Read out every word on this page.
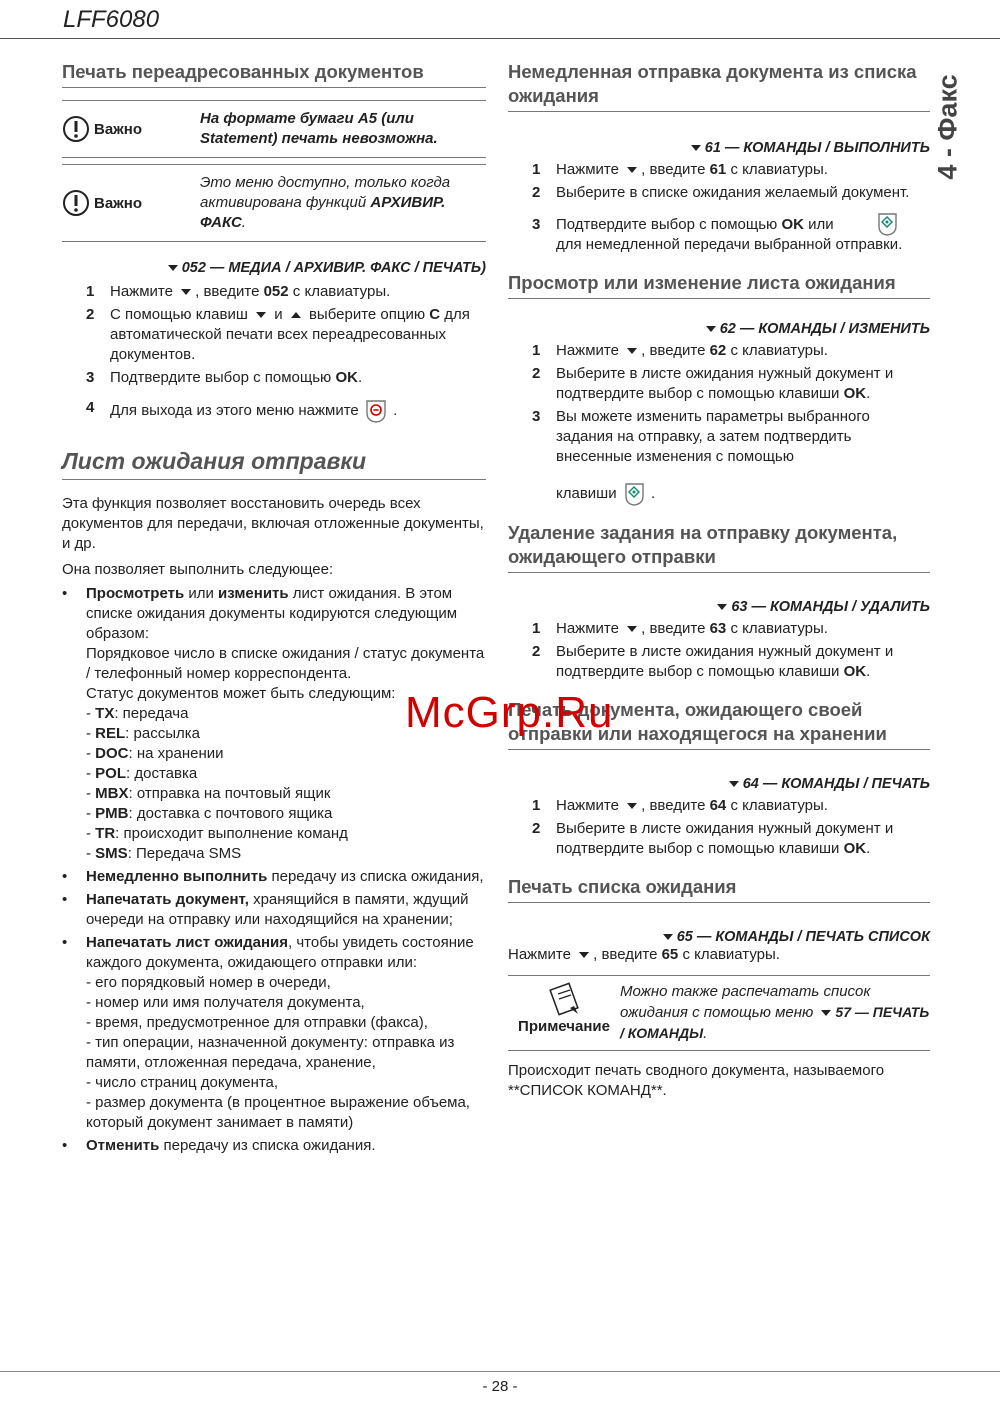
LFF6080
4 - Факс
Печать переадресованных документов
Важно
На формате бумаги A5 (или Statement) печать невозможна.
Важно
Это меню доступно, только когда активирована функций АРХИВИР. ФАКС.
052 — МЕДИА / АРХИВИР. ФАКС / ПЕЧАТЬ)
1	Нажмите , введите 052 с клавиатуры.
2	С помощью клавиш  и  выберите опцию C для автоматической печати всех переадресованных документов.
3	Подтвердите выбор с помощью OK.
4	Для выхода из этого меню нажмите  .
Лист ожидания отправки

Эта функция позволяет восстановить очередь всех документов для передачи, включая отложенные документы, и др.

Она позволяет выполнить следующее:

•	Просмотреть или изменить лист ожидания. В этом списке ожидания документы кодируются следующим образом:
Порядковое число в списке ожидания / статус документа / телефонный номер корреспондента.
Статус документов может быть следующим:

- TX: передача
- REL: рассылка
- DOC: на хранении
- POL: доставка
- MBX: отправка на почтовый ящик
- PMB: доставка с почтового ящика
- TR: происходит выполнение команд
- SMS: Передача SMS
•	Немедленно выполнить передачу из списка ожидания,
•	Напечатать документ, хранящийся в памяти, ждущий очереди на отправку или находящийся на хранении;
•	Напечатать лист ожидания, чтобы увидеть состояние каждого документа, ожидающего отправки или:
- его порядковый номер в очереди,
- номер или имя получателя документа,
- время, предусмотренное для отправки (факса),
- тип операции, назначенной документу: отправка из памяти, отложенная передача, хранение,
- число страниц документа,
- размер документа (в процентное выражение объема, который документ занимает в памяти)
•	Отменить передачу из списка ожидания.
Немедленная отправка документа из списка ожидания
61 — КОМАНДЫ / ВЫПОЛНИТЬ
1	Нажмите , введите 61 с клавиатуры.
2	Выберите в списке ожидания желаемый документ.
3	Подтвердите выбор с помощью OK или

для немедленной передачи выбранной отправки.
Просмотр или изменение листа ожидания
62 — КОМАНДЫ / ИЗМЕНИТЬ
1	Нажмите , введите 62 с клавиатуры.
2	Выберите в листе ожидания нужный документ и подтвердите выбор с помощью клавиши OK.
3	Вы можете изменить параметры выбранного задания на отправку, а затем подтвердить внесенные изменения с помощью
клавиши  .
Удаление задания на отправку документа, ожидающего отправки
63 — КОМАНДЫ / УДАЛИТЬ
1	Нажмите , введите 63 с клавиатуры.
2	Выберите в листе ожидания нужный документ и подтвердите выбор с помощью клавиши OK.
Печать документа, ожидающего своей отправки или находящегося на хранении
64 — КОМАНДЫ / ПЕЧАТЬ
1	Нажмите , введите 64 с клавиатуры.
2	Выберите в листе ожидания нужный документ и подтвердите выбор с помощью клавиши OK.
Печать списка ожидания
65 — КОМАНДЫ / ПЕЧАТЬ СПИСОК

Нажмите , введите 65 с клавиатуры.

Примечание
Можно также распечатать список ожидания с помощью меню 57 — ПЕЧАТЬ / КОМАНДЫ.

Происходит печать сводного документа, называемого **СПИСОК КОМАНД**.

McGrp.Ru
- 28 -
